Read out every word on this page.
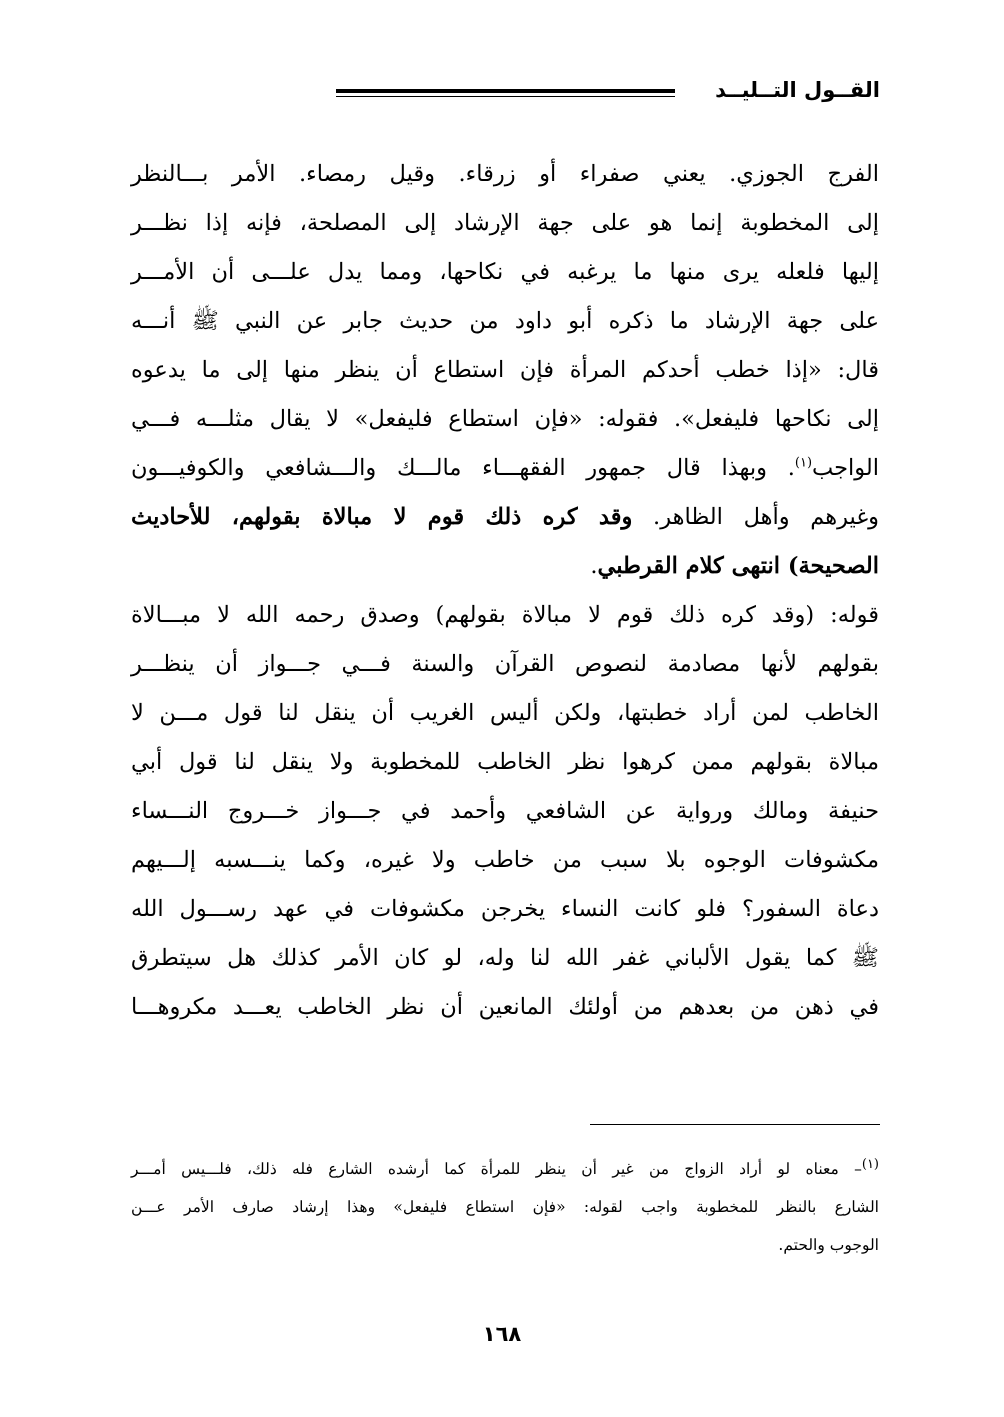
القــول التــليــد

الفرج الجوزي. يعني صفراء أو زرقاء. وقيل رمصاء. الأمر بـــالنظر

إلى المخطوبة إنما هو على جهة الإرشاد إلى المصلحة، فإنه إذا نظـــر

إليها فلعله يرى منها ما يرغبه في نكاحها، ومما يدل علـــى أن الأمـــر

على جهة الإرشاد ما ذكره أبو داود من حديث جابر عن النبي ﷺ أنـــه

قال: «إذا خطب أحدكم المرأة فإن استطاع أن ينظر منها إلى ما يدعوه

إلى نكاحها فليفعل». فقوله: «فإن استطاع فليفعل» لا يقال مثلـــه فـــي

الواجب$^{(١)}$. وبهذا قال جمهور الفقهـــاء مالـــك والـــشافعي والكوفيـــون

وغيرهم وأهل الظاهر. وقد كره ذلك قوم لا مبالاة بقولهم، للأحاديث

الصحيحة) انتهى كلام القرطبي.

قوله: (وقد كره ذلك قوم لا مبالاة بقولهم) وصدق رحمه الله لا مبـــالاة

بقولهم لأنها مصادمة لنصوص القرآن والسنة فـــي جـــواز أن ينظـــر

الخاطب لمن أراد خطبتها، ولكن أليس الغريب أن ينقل لنا قول مـــن لا

مبالاة بقولهم ممن كرهوا نظر الخاطب للمخطوبة ولا ينقل لنا قول أبي

حنيفة ومالك ورواية عن الشافعي وأحمد في جـــواز خـــروج النـــساء

مكشوفات الوجوه بلا سبب من خاطب ولا غيره، وكما ينـــسبه إلـــيهم

دعاة السفور؟ فلو كانت النساء يخرجن مكشوفات في عهد رســـول الله

ﷺ كما يقول الألباني غفر الله لنا وله، لو كان الأمر كذلك هل سيتطرق

في ذهن من بعدهم من أولئك المانعين أن نظر الخاطب يعـــد مكروهـــا

$^{(١)}$– معناه لو أراد الزواج من غير أن ينظر للمرأة كما أرشده الشارع فله ذلك، فلـــيس أمـــر

الشارع بالنظر للمخطوبة واجب لقوله: «فإن استطاع فليفعل» وهذا إرشاد صارف الأمر عـــن

الوجوب والحتم.

١٦٨
